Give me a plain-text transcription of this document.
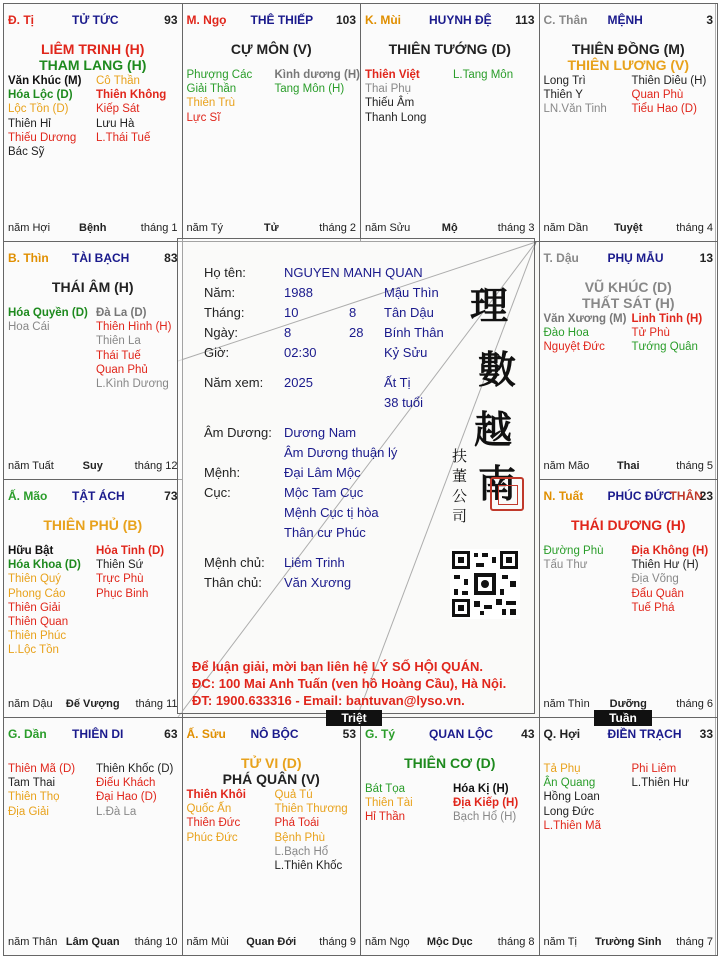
Đ. Tị	TỬ TỨC	93
LIÊM TRINH (H)
THAM LANG (H)
Văn Khúc (M)
Hóa Lộc (D)
Lộc Tồn (D)
Thiên Hỉ
Thiếu Dương
Bác Sỹ
Cô Thần
Thiên Không
Kiếp Sát
Lưu Hà
L.Thái Tuế
năm Hợi	Bệnh	tháng 1
M. Ngọ THÊ THIẾP 103
CỰ MÔN (V)
Phượng Các
Giải Thần
Thiên Trù
Lực Sĩ
Kình dương (H)
Tang Môn (H)
năm Tý	Tử	tháng 2
K. Mùi HUYNH ĐỆ 113
THIÊN TƯỚNG (D)
Thiên Việt
Thai Phụ
Thiếu Âm
Thanh Long
L.Tang Môn
năm Sửu	Mộ	tháng 3
C. Thân MỆNH	3
THIÊN ĐỒNG (M)
THIÊN LƯƠNG (V)
Long Trì
Thiên Y
LN.Văn Tinh
Thiên Diêu (H)
Quan Phù
Tiểu Hao (D)
năm Dần	Tuyệt	tháng 4
B. Thìn TÀI BẠCH	83
THÁI ÂM (H)
Hóa Quyền (D)
Hoa Cái
Đà La (D)
Thiên Hình (H)
Thiên La
Thái Tuế
Quan Phủ
L.Kình Dương
năm Tuất	Suy	tháng 12
T. Dậu PHỤ MẪU	13
VŨ KHÚC (D)
THẤT SÁT (H)
Văn Xương (M)
Đào Hoa
Nguyệt Đức
Linh Tinh (H)
Tử Phù
Tướng Quân
năm Mão	Thai	tháng 5
Ấ. Mão TẬT ÁCH	73
THIÊN PHỦ (B)
Hữu Bật
Hóa Khoa (D)
Thiên Quý
Phong Cáo
Thiên Giải
Thiên Quan
Thiên Phúc
L.Lộc Tồn
Hỏa Tinh (D)
Thiên Sứ
Trực Phù
Phục Binh
năm Dậu	Đế Vượng	tháng 11
N. Tuất PHÚC ĐỨC
THÂN
23
THÁI DƯƠNG (H)
Đường Phù
Tấu Thư
Địa Không (H)
Thiên Hư (H)
Địa Võng
Đẩu Quân
Tuế Phá
năm Thìn	Dưỡng	tháng 6
G. Dần THIÊN DI	63
Thiên Mã (D)
Tam Thai
Thiên Thọ
Địa Giải
Thiên Khốc (D)
Điếu Khách
Đại Hao (D)
L.Đà La
năm Thân Lâm Quan	tháng 10
Ấ. Sửu NÔ BỘC	53
TỬ VI (D)
PHÁ QUÂN (V)
Thiên Khôi
Quốc Ấn
Thiên Đức
Phúc Đức
Quả Tú
Thiên Thương
Phá Toái
Bệnh Phù
L.Bạch Hổ
L.Thiên Khốc
năm Mùi	Quan Đới	tháng 9
G. Tý	QUAN LỘC 43
THIÊN CƠ (D)
Bát Tọa
Thiên Tài
Hỉ Thần
Hóa Kị (H)
Địa Kiếp (H)
Bạch Hổ (H)
năm Ngọ	Mộc Dục	tháng 8
Q. Hợi ĐIỀN TRẠCH 33
Tả Phụ
Ân Quang
Hồng Loan
Long Đức
L.Thiên Mã
Phi Liêm
L.Thiên Hư
năm Tị	Trường Sinh	tháng 7
Họ tên:	NGUYEN MANH QUAN
Năm:	1988	Mậu Thìn
Tháng:	10	8 Tân Dậu
Ngày:	8	28 Bính Thân
Giờ:	02:30	Kỷ Sửu
Năm xem: 2025	Ất Tị
38 tuổi
Âm Dương: Dương Nam
Âm Dương thuận lý
Mệnh:	Đại Lâm Mộc
Cục:	Mộc Tam Cục
Mệnh Cục tị hòa
Thân cư Phúc
Mệnh chủ: Liêm Trinh
Thân chủ: Văn Xương
理
數
越
南
扶
董
公
司
Để luận giải, mời bạn liên hệ LÝ SỐ HỘI QUÁN.
ĐC: 100 Mai Anh Tuấn (ven hồ Hoàng Cầu), Hà Nội.
ĐT: 1900.633316 - Email: bantuvan@lyso.vn.
Triệt	Tuần
